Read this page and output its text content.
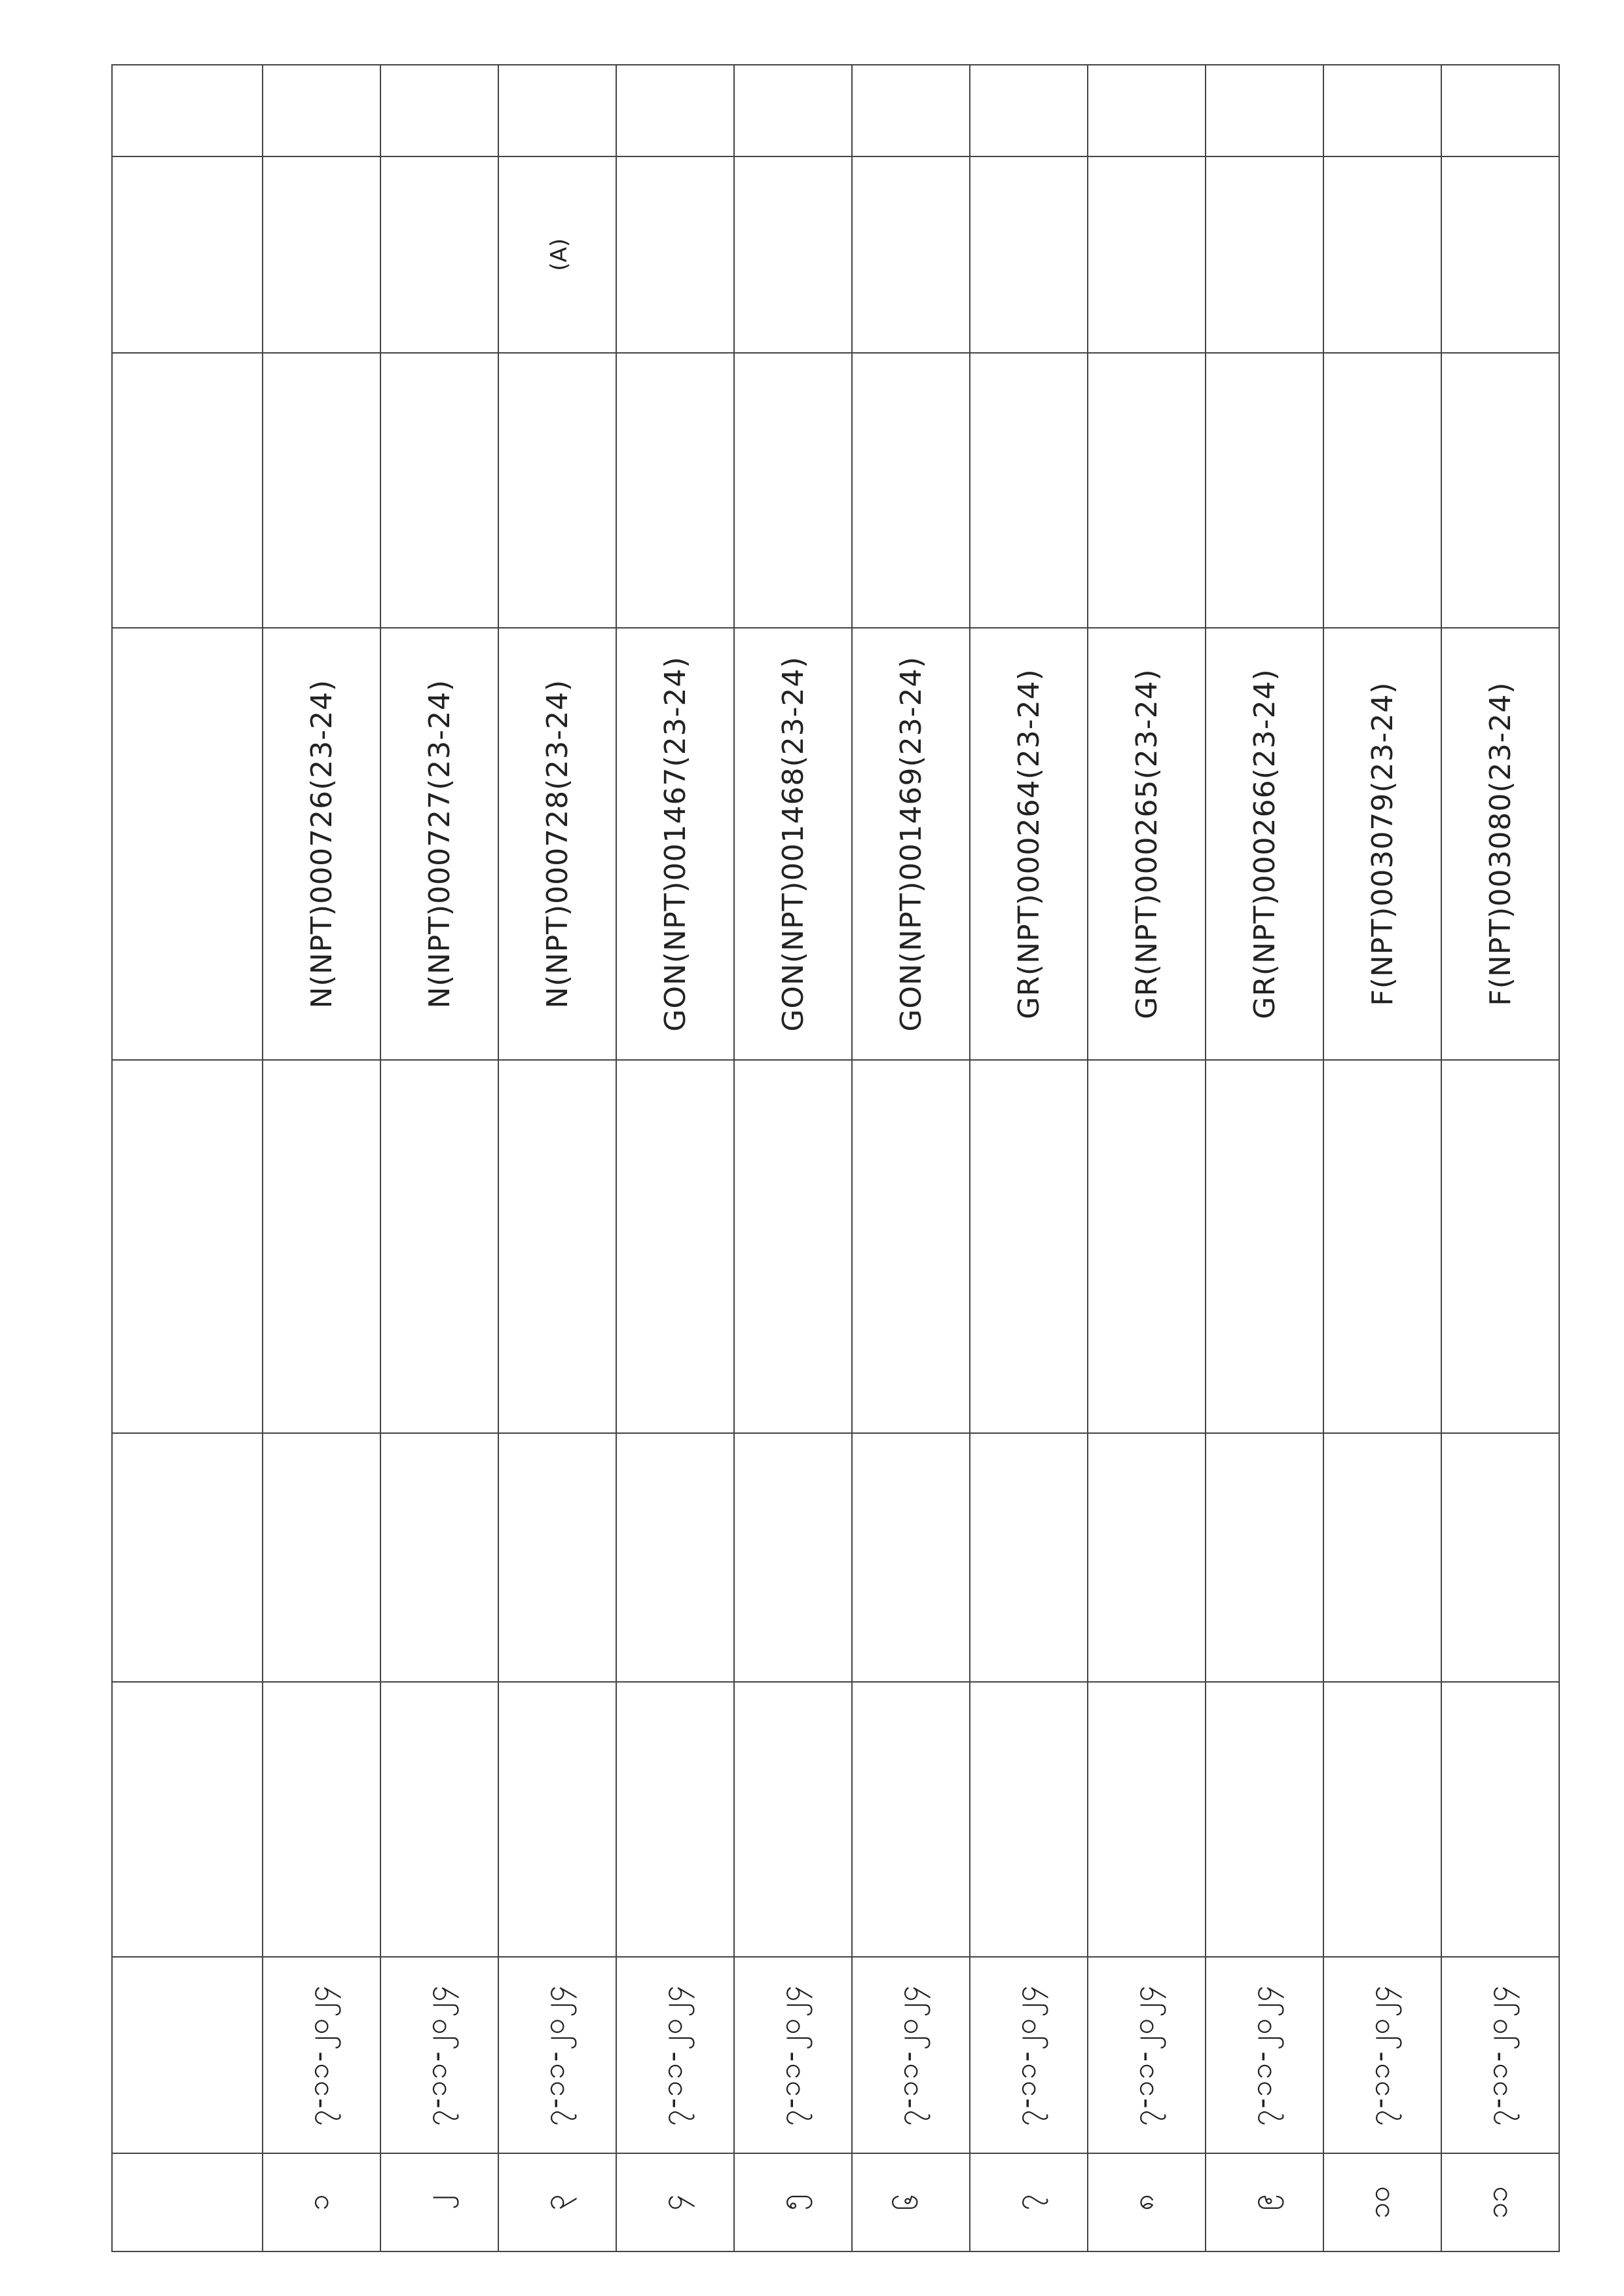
၁	၇-၁၁-၂၀၂၄				N(NPT)000726(23-24)		

၂	၇-၁၁-၂၀၂၄				N(NPT)000727(23-24)		

၃	၇-၁၁-၂၀၂၄				N(NPT)000728(23-24)		(A)	

၄	၇-၁၁-၂၀၂၄				GON(NPT)001467(23-24)		

၅	၇-၁၁-၂၀၂၄				GON(NPT)001468(23-24)		

၆	၇-၁၁-၂၀၂၄				GON(NPT)001469(23-24)		

၇	၇-၁၁-၂၀၂၄				GR(NPT)000264(23-24)		

၈	၇-၁၁-၂၀၂၄				GR(NPT)000265(23-24)		

၉	၇-၁၁-၂၀၂၄				GR(NPT)000266(23-24)		

၁၀	၇-၁၁-၂၀၂၄				F(NPT)003079(23-24)		

၁၁	၇-၁၁-၂၀၂၄				F(NPT)003080(23-24)		
